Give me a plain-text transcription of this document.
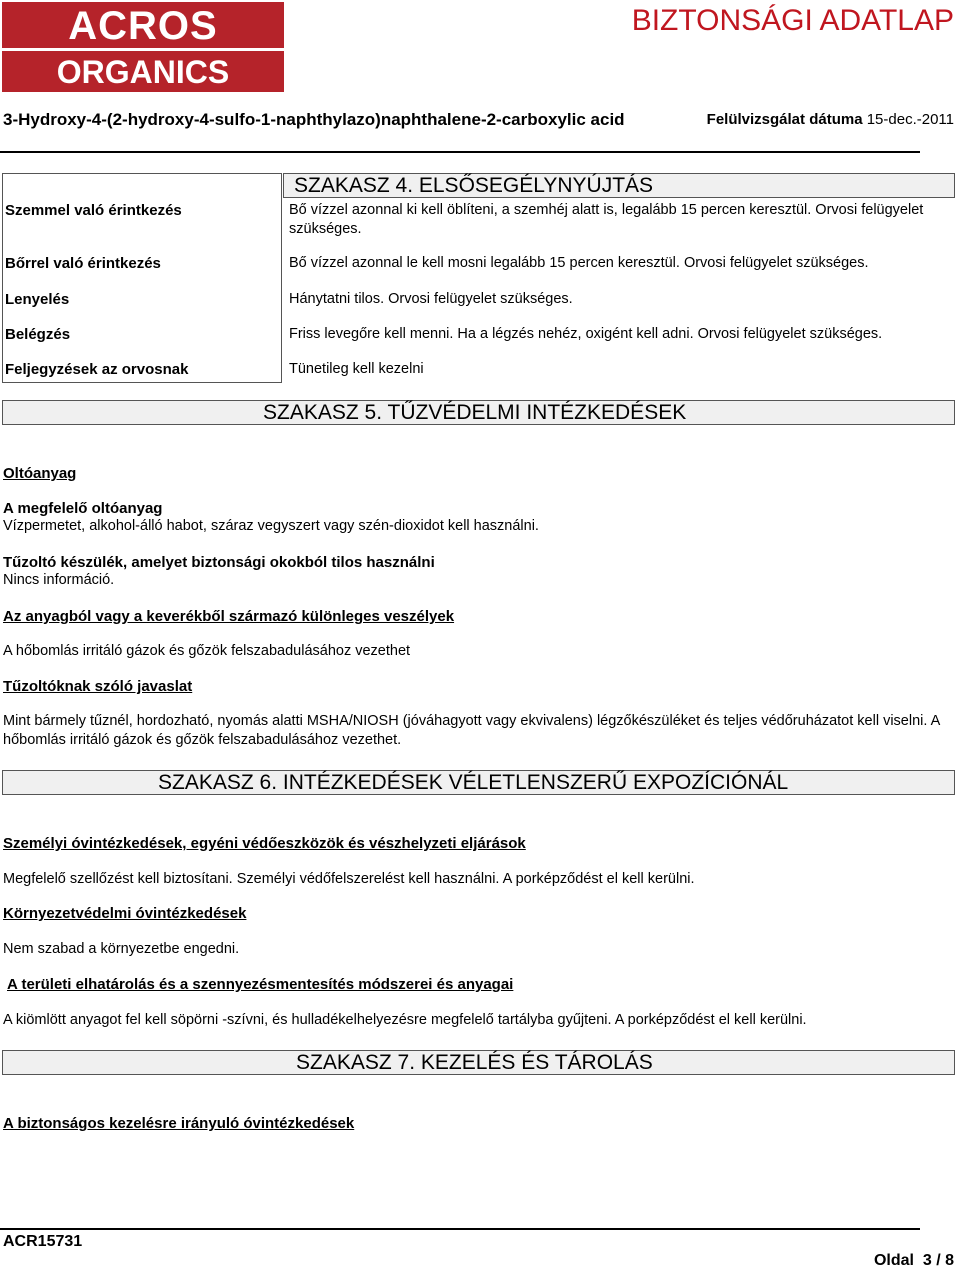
ACROS
ORGANICS
BIZTONSÁGI ADATLAP
3-Hydroxy-4-(2-hydroxy-4-sulfo-1-naphthylazo)naphthalene-2-carboxylic acid	Felülvizsgálat dátuma 15-dec.-2011
SZAKASZ 4. ELSŐSEGÉLYNYÚJTÁS
Szemmel való érintkezés	Bő vízzel azonnal ki kell öblíteni, a szemhéj alatt is, legalább 15 percen keresztül. Orvosi felügyelet szükséges.
Bőrrel való érintkezés	Bő vízzel azonnal le kell mosni legalább 15 percen keresztül. Orvosi felügyelet szükséges.
Lenyelés	Hánytatni tilos. Orvosi felügyelet szükséges.
Belégzés	Friss levegőre kell menni. Ha a légzés nehéz, oxigént kell adni. Orvosi felügyelet szükséges.
Feljegyzések az orvosnak	Tünetileg kell kezelni
SZAKASZ 5. TŰZVÉDELMI INTÉZKEDÉSEK
Oltóanyag
A megfelelő oltóanyag
Vízpermetet, alkohol-álló habot, száraz vegyszert vagy szén-dioxidot kell használni.
Tűzoltó készülék, amelyet biztonsági okokból tilos használni
Nincs információ.
Az anyagból vagy a keverékből származó különleges veszélyek
A hőbomlás irritáló gázok és gőzök felszabadulásához vezethet
Tűzoltóknak szóló javaslat
Mint bármely tűznél, hordozható, nyomás alatti MSHA/NIOSH (jóváhagyott vagy ekvivalens) légzőkészüléket és teljes védőruházatot kell viselni. A hőbomlás irritáló gázok és gőzök felszabadulásához vezethet.
SZAKASZ 6. INTÉZKEDÉSEK VÉLETLENSZERŰ EXPOZÍCIÓNÁL
Személyi óvintézkedések, egyéni védőeszközök és vészhelyzeti eljárások
Megfelelő szellőzést kell biztosítani. Személyi védőfelszerelést kell használni. A porképződést el kell kerülni.
Környezetvédelmi óvintézkedések
Nem szabad a környezetbe engedni.
A területi elhatárolás és a szennyezésmentesítés módszerei és anyagai
A kiömlött anyagot fel kell söpörni -szívni, és hulladékelhelyezésre megfelelő tartályba gyűjteni. A porképződést el kell kerülni.
SZAKASZ 7. KEZELÉS ÉS TÁROLÁS
A biztonságos kezelésre irányuló óvintézkedések
ACR15731
Oldal 3 / 8
